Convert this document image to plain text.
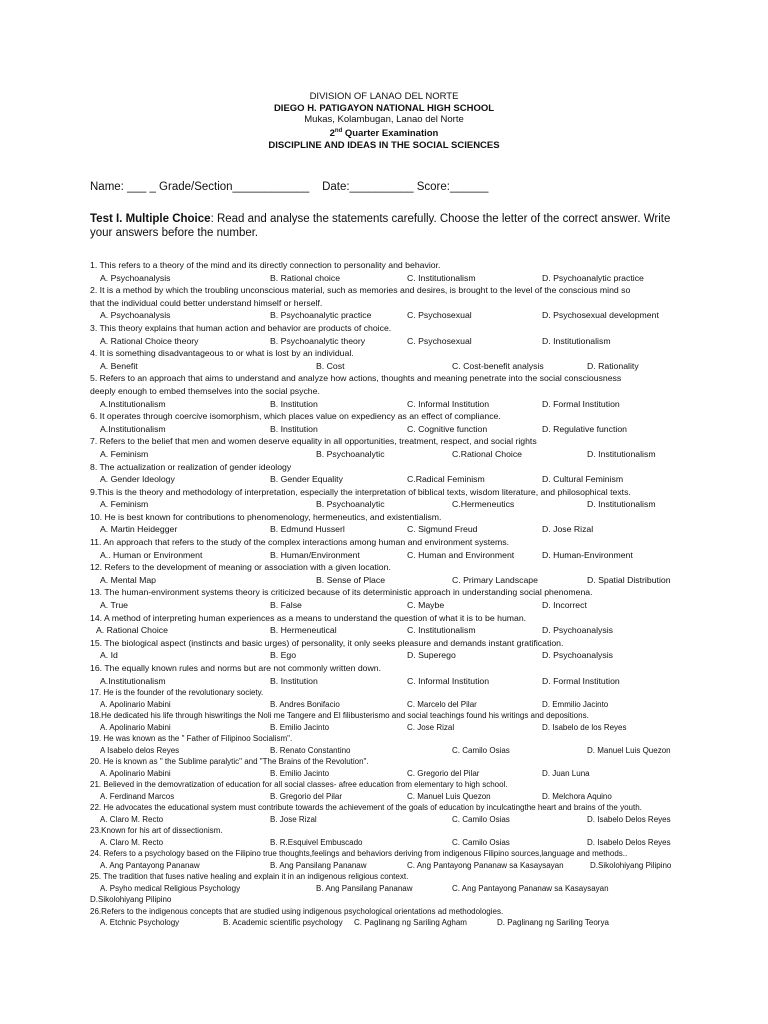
DIVISION OF LANAO DEL NORTE
DIEGO H. PATIGAYON NATIONAL HIGH SCHOOL
Mukas, Kolambugan, Lanao del Norte
2nd Quarter Examination
DISCIPLINE AND IDEAS IN THE SOCIAL SCIENCES
Name: ___ _ Grade/Section____________    Date:__________ Score:______
Test I. Multiple Choice: Read and analyse the statements carefully. Choose the letter of the correct answer. Write your answers before the number.
1. This refers to a theory of the mind and its directly connection to personality and behavior.
A. Psychoanalysis	B. Rational choice	C. Institutionalism	D. Psychoanalytic practice
2. It is a method by which the troubling unconscious material, such as memories and desires, is brought to the level of the conscious mind so
that the individual could better understand himself or herself.
A. Psychoanalysis	B. Psychoanalytic practice	C. Psychosexual	D. Psychosexual development
3. This theory explains that human action and behavior are products of choice.
A. Rational Choice theory	B. Psychoanalytic theory	C. Psychosexual	D. Institutionalism
4. It is something disadvantageous to or what is lost by an individual.
A. Benefit	B. Cost	C. Cost-benefit analysis	D. Rationality
5. Refers to an approach that aims to understand and analyze how actions, thoughts and meaning penetrate into the social consciousness
deeply enough to embed themselves into the social psyche.
A.Institutionalism	B. Institution	C. Informal Institution	D. Formal Institution
6. It operates through coercive isomorphism, which places value on expediency as an effect of compliance.
A.Institutionalism	B. Institution	C. Cognitive function	D. Regulative function
7. Refers to the belief that men and women deserve equality in all opportunities, treatment, respect, and social rights
A. Feminism	B. Psychoanalytic	C.Rational Choice	D. Institutionalism
8. The actualization or realization of gender ideology
A. Gender Ideology	B. Gender Equality	C.Radical Feminism	D. Cultural Feminism
9.This is the theory and methodology of interpretation, especially the interpretation of biblical texts, wisdom literature, and philosophical texts.
A. Feminism	B. Psychoanalytic	C.Hermeneutics	D. Institutionalism
10. He is best known for contributions to phenomenology, hermeneutics, and existentialism.
A. Martin Heidegger	B. Edmund Husserl	C. Sigmund Freud	D. Jose Rizal
11. An approach that refers to the study of the complex interactions among human and environment systems.
A.. Human or Environment	B. Human/Environment	C. Human and Environment	D. Human-Environment
12. Refers to the development of meaning or association with a given location.
A. Mental Map	B. Sense of Place	C. Primary Landscape	D. Spatial Distribution
13. The human-environment systems theory is criticized because of its deterministic approach in understanding social phenomena.
A. True	B. False	C. Maybe	D. Incorrect
14. A method of interpreting human experiences as a means to understand the question of what it is to be human.
A. Rational Choice	B. Hermeneutical	C. Institutionalism	D. Psychoanalysis
15. The biological aspect (instincts and basic urges) of personality, it only seeks pleasure and demands instant gratification.
A. Id	B. Ego	D. Superego	D. Psychoanalysis
16. The equally known rules and norms but are not commonly written down.
A.Institutionalism	B. Institution	C. Informal Institution	D. Formal Institution
17. He is the founder of the revolutionary society.
A. Apolinario Mabini	B. Andres Bonifacio	C. Marcelo del Pilar	D. Emmilio Jacinto
18.He dedicated his life through hiswritings the Noli me Tangere and El filibusterismo and social teachings found his writings and depositions.
A. Apolinario Mabini	B. Emilio Jacinto	C. Jose Rizal	D. Isabelo de los Reyes
19. He was known as the " Father of Filipinoo Socialism".
A Isabelo delos Reyes	B. Renato Constantino	C. Camilo Osias	D. Manuel Luis Quezon
20. He is known as " the Sublime paralytic" and "The Brains of the Revolution".
A. Apolinario Mabini	B. Emilio Jacinto	C. Gregorio del Pilar	D. Juan Luna
21. Believed in the demovratization of education for all social classes- afree education from elementary to high school.
A. Ferdinand Marcos	B. Gregorio del Pilar	C. Manuel Luis Quezon	D. Melchora Aquino
22. He advocates the educational system must contribute towards the achievement of the goals of education by inculcatingthe heart and brains of the youth.
A. Claro M. Recto	B. Jose Rizal	C. Camilo Osias	D. Isabelo Delos Reyes
23.Known for his art of dissectionism.
A. Claro M. Recto	B. R.Esquivel Embuscado	C. Camilo Osias	D. Isabelo Delos Reyes
24. Refers to a psychology based on the Filipino true thoughts,feelings and behaviors deriving from indigenous Filipino sources,language and methods..
A. Ang Pantayong Pananaw	B. Ang Pansilang Pananaw	C. Ang Pantayong Pananaw sa Kasaysayan	D.Sikolohiyang Pilipino
25. The tradition that fuses native healing and explain it in an indigenous religious context.
A. Psyho medical Religious Psychology	B. Ang Pansilang Pananaw	C. Ang Pantayong Pananaw sa Kasaysayan
D.Sikolohiyang Pilipino
26.Refers to the indigenous concepts that are studied using indigenous psychological orientations ad methodologies.
A. Etchnic Psychology	B. Academic scientific psychology C. Paglinang ng Sariling Agham	D. Paglinang ng Sariling Teorya
